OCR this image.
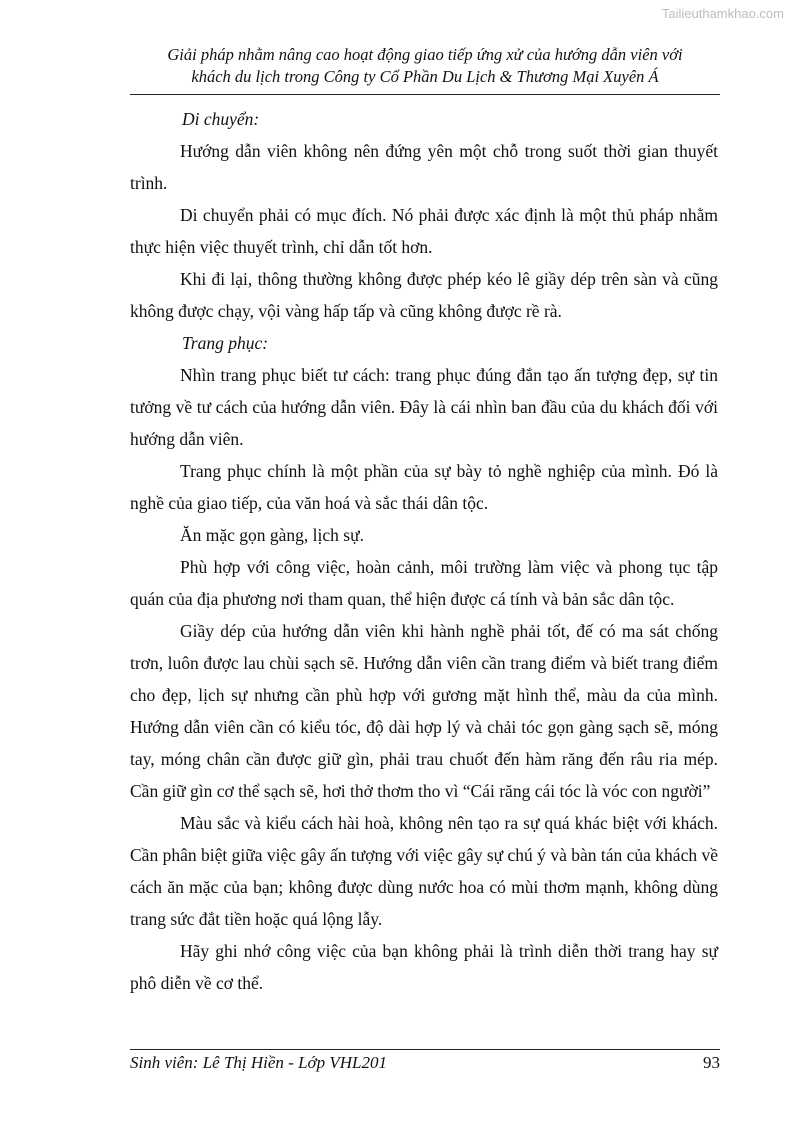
Tailieuthamkhao.com
Giải pháp nhằm nâng cao hoạt động giao tiếp ứng xử của hướng dẫn viên với
khách du lịch trong Công ty Cổ Phần Du Lịch & Thương Mại Xuyên Á

Di chuyển:

Hướng dẫn viên không nên đứng yên một chỗ trong suốt thời gian thuyết trình.

Di chuyển phải có mục đích. Nó phải được xác định là một thủ pháp nhằm thực hiện việc thuyết trình, chỉ dẫn tốt hơn.

Khi đi lại, thông thường không được phép kéo lê giầy dép trên sàn và cũng không được chạy, vội vàng hấp tấp và cũng không được rề rà.

Trang phục:

Nhìn trang phục biết tư cách: trang phục đúng đắn tạo ấn tượng đẹp, sự tin tưởng về tư cách của hướng dẫn viên. Đây là cái nhìn ban đầu của du khách đối với hướng dẫn viên.

Trang phục chính là một phần của sự bày tỏ nghề nghiệp của mình. Đó là nghề của giao tiếp, của văn hoá và sắc thái dân tộc.

Ăn mặc gọn gàng, lịch sự.

Phù hợp với công việc, hoàn cảnh, môi trường làm việc và phong tục tập quán của địa phương nơi tham quan, thể hiện được cá tính và bản sắc dân tộc.

Giầy dép của hướng dẫn viên khi hành nghề phải tốt, đế có ma sát chống trơn, luôn được lau chùi sạch sẽ. Hướng dẫn viên cần trang điểm và biết trang điểm cho đẹp, lịch sự nhưng cần phù hợp với gương mặt hình thể, màu da của mình. Hướng dẫn viên cần có kiểu tóc, độ dài hợp lý và chải tóc gọn gàng sạch sẽ, móng tay, móng chân cần được giữ gìn, phải trau chuốt đến hàm răng đến râu ria mép. Cần giữ gìn cơ thể sạch sẽ, hơi thở thơm tho vì “Cái răng cái tóc là vóc con người”

Màu sắc và kiểu cách hài hoà, không nên tạo ra sự quá khác biệt với khách. Cần phân biệt giữa việc gây ấn tượng với việc gây sự chú ý và bàn tán của khách về cách ăn mặc của bạn; không được dùng nước hoa có mùi thơm mạnh, không dùng trang sức đắt tiền hoặc quá lộng lẫy.

Hãy ghi nhớ công việc của bạn không phải là trình diễn thời trang hay sự phô diễn về cơ thể.

Sinh viên: Lê Thị Hiền - Lớp VHL201	93
